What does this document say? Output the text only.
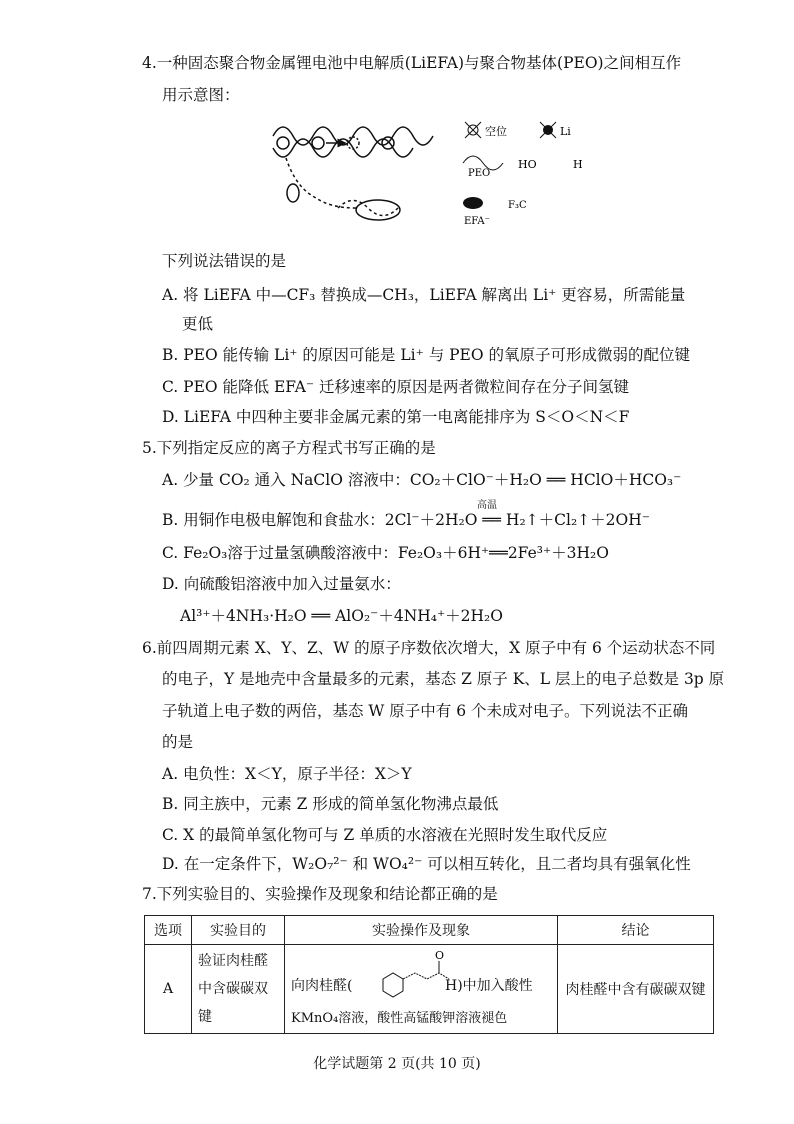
4.一种固态聚合物金属锂电池中电解质(LiEFA)与聚合物基体(PEO)之间相互作
用示意图：
空位	Li
PEO
HO	H
EFA⁻
F₃C
下列说法错误的是
A. 将 LiEFA 中—CF₃ 替换成—CH₃，LiEFA 解离出 Li⁺ 更容易，所需能量
更低
B. PEO 能传输 Li⁺ 的原因可能是 Li⁺ 与 PEO 的氧原子可形成微弱的配位键
C. PEO 能降低 EFA⁻ 迁移速率的原因是两者微粒间存在分子间氢键
D. LiEFA 中四种主要非金属元素的第一电离能排序为 S＜O＜N＜F
5.下列指定反应的离子方程式书写正确的是
A. 少量 CO₂ 通入 NaClO 溶液中：CO₂＋ClO⁻＋H₂O ══ HClO＋HCO₃⁻
高温
B. 用铜作电极电解饱和食盐水：2Cl⁻＋2H₂O ══ H₂↑＋Cl₂↑＋2OH⁻
C. Fe₂O₃溶于过量氢碘酸溶液中：Fe₂O₃＋6H⁺══2Fe³⁺＋3H₂O
D. 向硫酸铝溶液中加入过量氨水：
Al³⁺＋4NH₃·H₂O ══ AlO₂⁻＋4NH₄⁺＋2H₂O
6.前四周期元素 X、Y、Z、W 的原子序数依次增大，X 原子中有 6 个运动状态不同
的电子，Y 是地壳中含量最多的元素，基态 Z 原子 K、L 层上的电子总数是 3p 原
子轨道上电子数的两倍，基态 W 原子中有 6 个未成对电子。下列说法不正确
的是
A. 电负性：X＜Y，原子半径：X＞Y
B. 同主族中，元素 Z 形成的简单氢化物沸点最低
C. X 的最简单氢化物可与 Z 单质的水溶液在光照时发生取代反应
D. 在一定条件下，W₂O₇²⁻ 和 WO₄²⁻ 可以相互转化，且二者均具有强氧化性
7.下列实验目的、实验操作及现象和结论都正确的是
选项	实验目的	实验操作及现象	结论
A	验证肉桂醛中含碳碳双键	向肉桂醛(
O
H)中加入酸性
KMnO₄溶液，酸性高锰酸钾溶液褪色	肉桂醛中含有碳碳双键
化学试题第 2 页(共 10 页)
